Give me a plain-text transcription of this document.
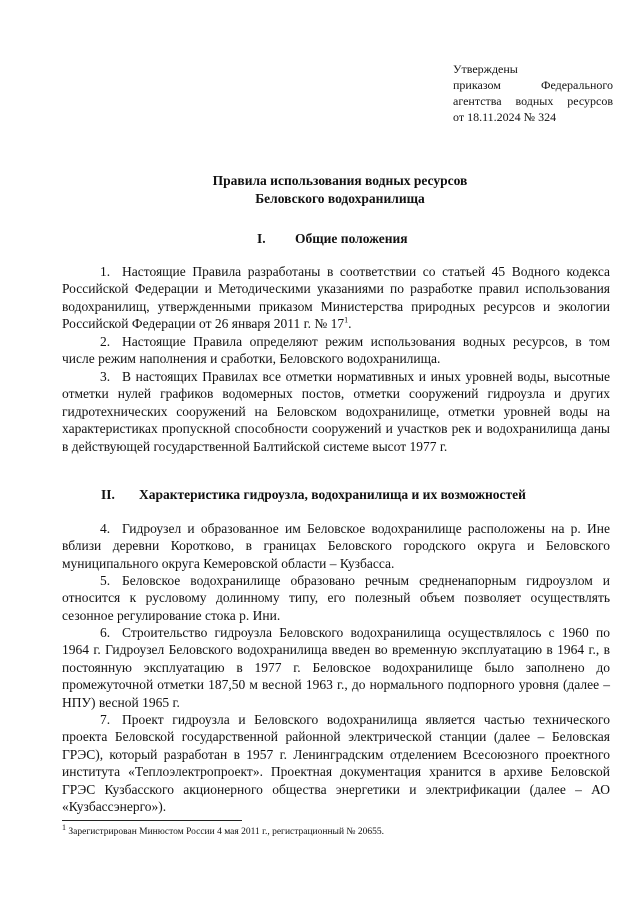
Утверждены
приказом Федерального
агентства водных ресурсов
от 18.11.2024 № 324
Правила использования водных ресурсов
Беловского водохранилища
I. Общие положения
1. Настоящие Правила разработаны в соответствии со статьей 45 Водного кодекса Российской Федерации и Методическими указаниями по разработке правил использования водохранилищ, утвержденными приказом Министерства природных ресурсов и экологии Российской Федерации от 26 января 2011 г. № $17^1$.
2. Настоящие Правила определяют режим использования водных ресурсов, в том числе режим наполнения и сработки, Беловского водохранилища.
3. В настоящих Правилах все отметки нормативных и иных уровней воды, высотные отметки нулей графиков водомерных постов, отметки сооружений гидроузла и других гидротехнических сооружений на Беловском водохранилище, отметки уровней воды на характеристиках пропускной способности сооружений и участков рек и водохранилища даны в действующей государственной Балтийской системе высот 1977 г.
II. Характеристика гидроузла, водохранилища и их возможностей
4. Гидроузел и образованное им Беловское водохранилище расположены на р. Ине вблизи деревни Коротково, в границах Беловского городского округа и Беловского муниципального округа Кемеровской области – Кузбасса.
5. Беловское водохранилище образовано речным средненапорным гидроузлом и относится к русловому долинному типу, его полезный объем позволяет осуществлять сезонное регулирование стока р. Ини.
6. Строительство гидроузла Беловского водохранилища осуществлялось с 1960 по 1964 г. Гидроузел Беловского водохранилища введен во временную эксплуатацию в 1964 г., в постоянную эксплуатацию в 1977 г. Беловское водохранилище было заполнено до промежуточной отметки 187,50 м весной 1963 г., до нормального подпорного уровня (далее – НПУ) весной 1965 г.
7. Проект гидроузла и Беловского водохранилища является частью технического проекта Беловской государственной районной электрической станции (далее – Беловская ГРЭС), который разработан в 1957 г. Ленинградским отделением Всесоюзного проектного института «Теплоэлектропроект». Проектная документация хранится в архиве Беловской ГРЭС Кузбасского акционерного общества энергетики и электрификации (далее – АО «Кузбассэнерго»).
$^1$ Зарегистрирован Минюстом России 4 мая 2011 г., регистрационный № 20655.
